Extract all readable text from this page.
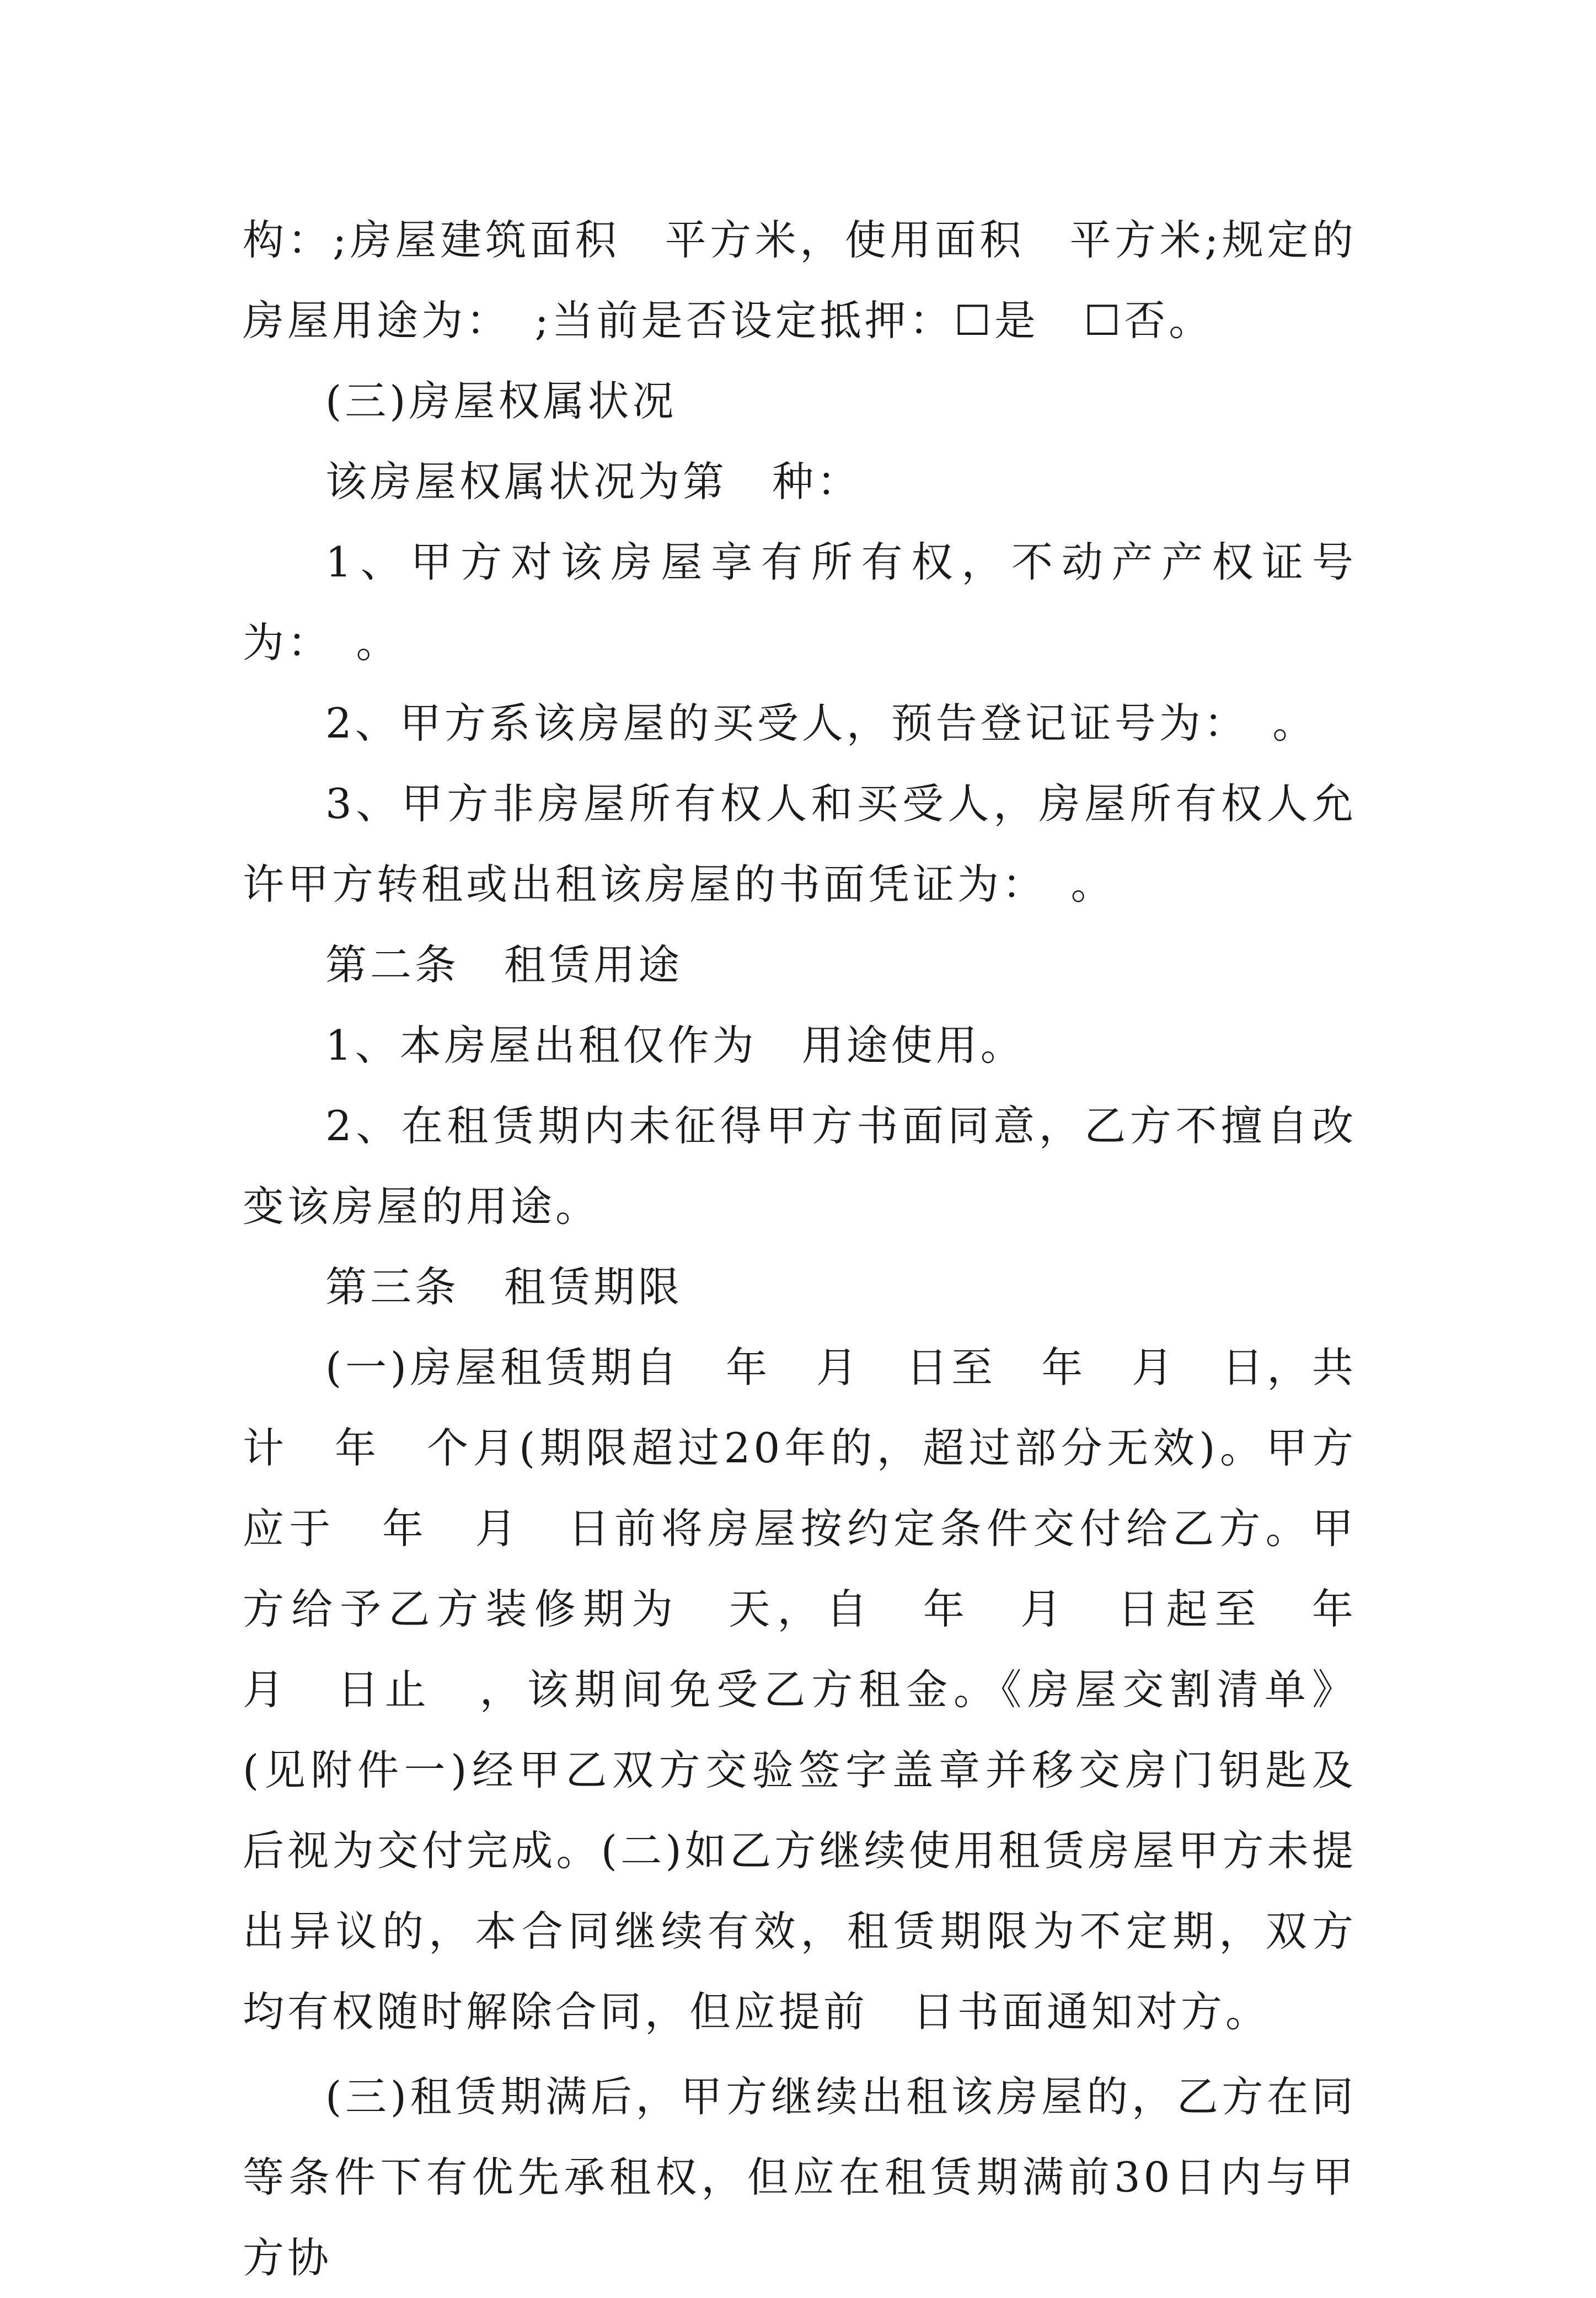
构：;房屋建筑面积　平方米，使用面积　平方米;规定的房屋用途为：　;当前是否设定抵押：☐是　☐否。

(三)房屋权属状况

该房屋权属状况为第　种：

1、甲方对该房屋享有所有权，不动产产权证号为：　。

2、甲方系该房屋的买受人，预告登记证号为：　。

3、甲方非房屋所有权人和买受人，房屋所有权人允许甲方转租或出租该房屋的书面凭证为：　。

第二条　租赁用途

1、本房屋出租仅作为　用途使用。

2、在租赁期内未征得甲方书面同意，乙方不擅自改变该房屋的用途。

第三条　租赁期限

(一)房屋租赁期自　年　月　日至　年　月　日，共计　年　个月(期限超过20年的，超过部分无效)。甲方应于　年　月　日前将房屋按约定条件交付给乙方。甲方给予乙方装修期为　天，自　年　月　日起至　年　月　日止　，该期间免受乙方租金。《房屋交割清单》(见附件一)经甲乙双方交验签字盖章并移交房门钥匙及　后视为交付完成。(二)如乙方继续使用租赁房屋甲方未提出异议的，本合同继续有效，租赁期限为不定期，双方均有权随时解除合同，但应提前　日书面通知对方。

(三)租赁期满后，甲方继续出租该房屋的，乙方在同等条件下有优先承租权，但应在租赁期满前30日内与甲方协
